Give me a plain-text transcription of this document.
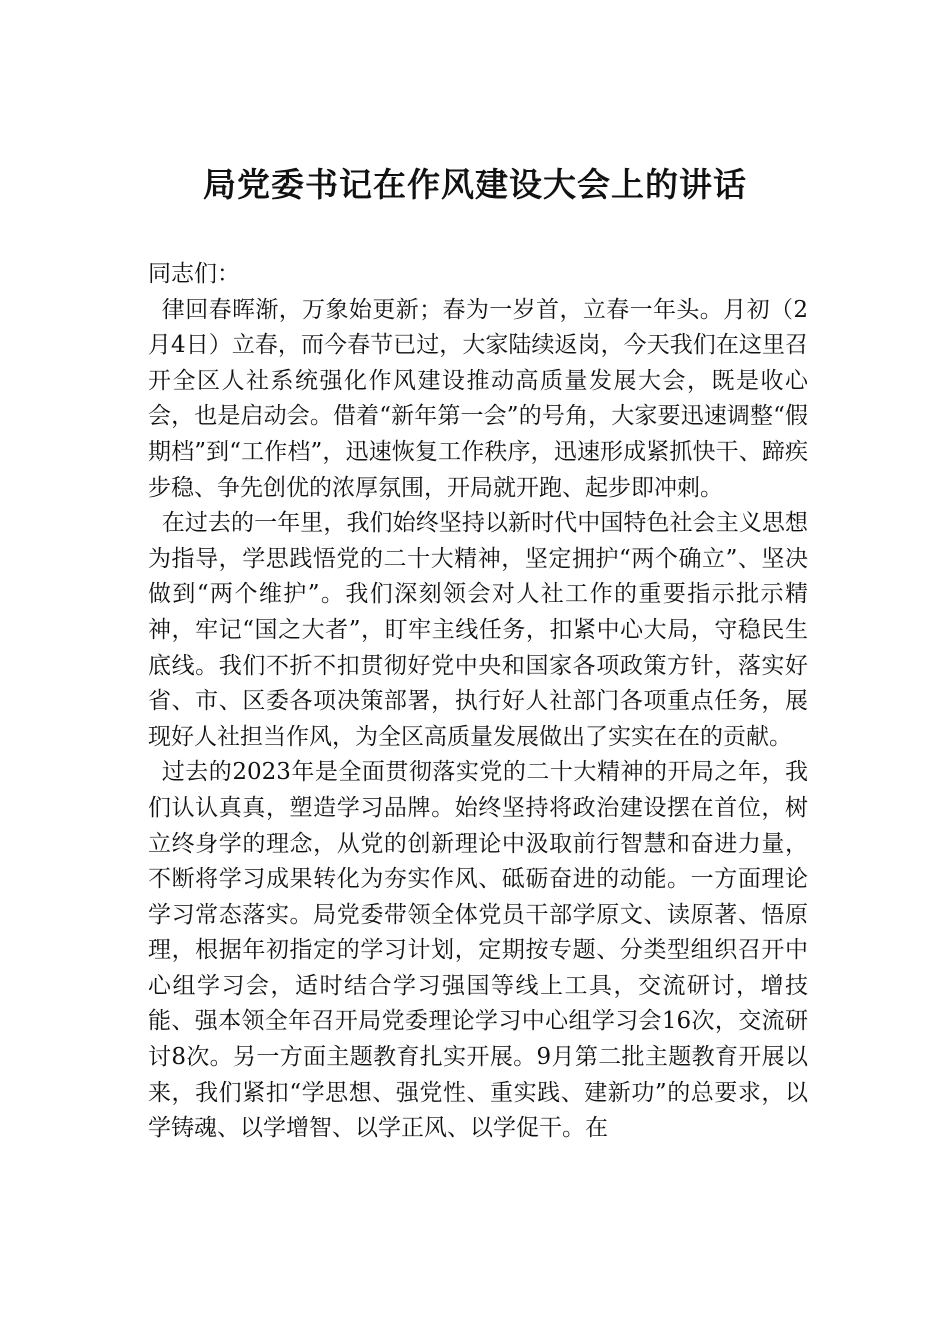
局党委书记在作风建设大会上的讲话

同志们：

律回春晖渐，万象始更新；春为一岁首，立春一年头。月初（2月4日）立春，而今春节已过，大家陆续返岗，今天我们在这里召开全区人社系统强化作风建设推动高质量发展大会，既是收心会，也是启动会。借着“新年第一会”的号角，大家要迅速调整“假期档”到“工作档”，迅速恢复工作秩序，迅速形成紧抓快干、蹄疾步稳、争先创优的浓厚氛围，开局就开跑、起步即冲刺。

在过去的一年里，我们始终坚持以新时代中国特色社会主义思想为指导，学思践悟党的二十大精神，坚定拥护“两个确立”、坚决做到“两个维护”。我们深刻领会对人社工作的重要指示批示精神，牢记“国之大者”，盯牢主线任务，扣紧中心大局，守稳民生底线。我们不折不扣贯彻好党中央和国家各项政策方针，落实好省、市、区委各项决策部署，执行好人社部门各项重点任务，展现好人社担当作风，为全区高质量发展做出了实实在在的贡献。

过去的2023年是全面贯彻落实党的二十大精神的开局之年，我们认认真真，塑造学习品牌。始终坚持将政治建设摆在首位，树立终身学的理念，从党的创新理论中汲取前行智慧和奋进力量，不断将学习成果转化为夯实作风、砥砺奋进的动能。一方面理论学习常态落实。局党委带领全体党员干部学原文、读原著、悟原理，根据年初指定的学习计划，定期按专题、分类型组织召开中心组学习会，适时结合学习强国等线上工具，交流研讨，增技能、强本领全年召开局党委理论学习中心组学习会16次，交流研讨8次。另一方面主题教育扎实开展。9月第二批主题教育开展以来，我们紧扣“学思想、强党性、重实践、建新功”的总要求，以学铸魂、以学增智、以学正风、以学促干。在
